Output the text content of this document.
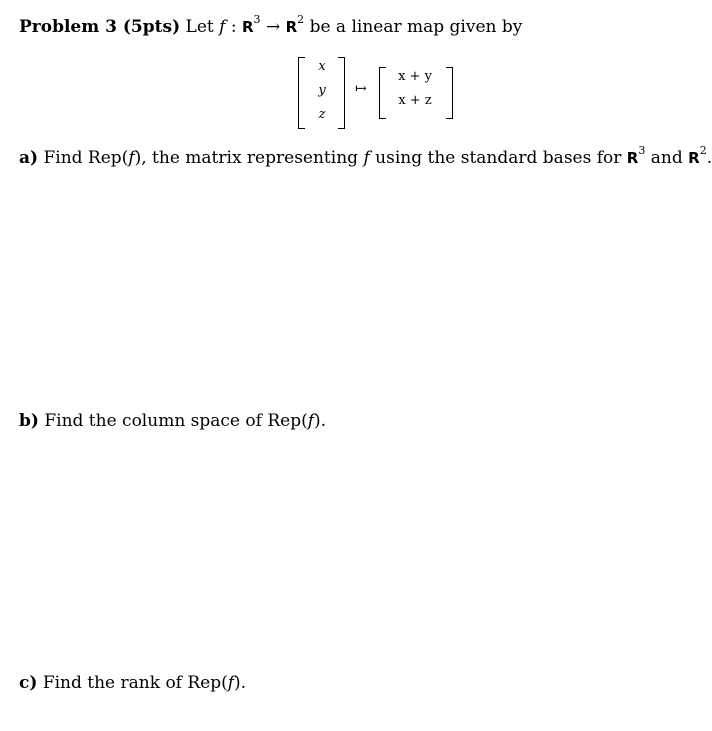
Problem 3 (5pts) Let f : $R^3 \to R^2$ be a linear map given by
x
y
z
↦
x + y
x + z
a) Find Rep(f), the matrix representing f using the standard bases for $R^3$ and $R^2$.
b) Find the column space of Rep(f).
c) Find the rank of Rep(f).
